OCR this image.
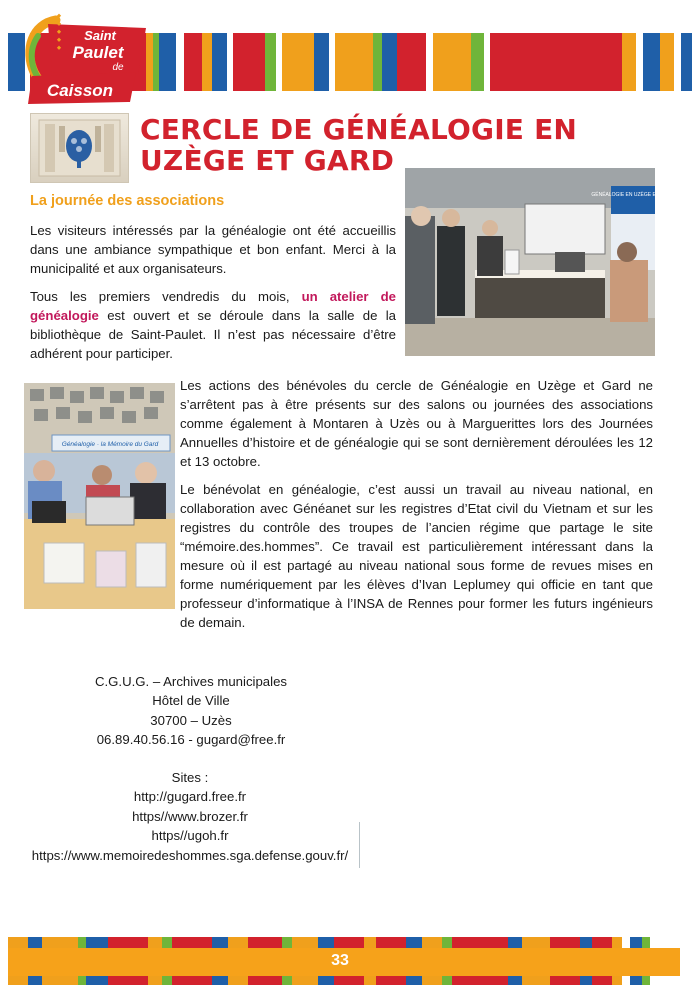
Saint
Paulet
de
Caisson
CERCLE DE GÉNÉALOGIE EN
UZÈGE ET GARD
La journée des associations	GÉNÉALOGIE EN UZÈGE ET GARD
Les visiteurs intéressés par la généalogie ont été accueillis dans une ambiance sympathique et bon enfant. Merci à la municipalité et aux organisateurs.
Tous les premiers vendredis du mois, un atelier de généalogie est ouvert et se déroule dans la salle de la bibliothèque de Saint-Paulet. Il n’est pas nécessaire d’être adhérent pour participer.
Généalogie · la Mémoire du Gard
Les actions des bénévoles du cercle de Généalogie en Uzège et Gard ne s’arrêtent pas à être présents sur des salons ou journées des associations comme également à Montaren à Uzès ou à Marguerittes lors des Journées Annuelles d’histoire et de généalogie qui se sont dernièrement déroulées les 12 et 13 octobre.
Le bénévolat en généalogie, c’est aussi un travail au niveau national, en collaboration avec Généanet sur les registres d’Etat civil du Vietnam et sur les registres du contrôle des troupes de l’ancien régime que partage le site “mémoire.des.hommes”. Ce travail est particulièrement intéressant dans la mesure où il est partagé au niveau national sous forme de revues mises en forme numériquement par les élèves d’Ivan Leplumey qui officie en tant que professeur d’informatique à l’INSA de Rennes pour former les futurs ingénieurs de demain.
C.G.U.G. – Archives municipales
Hôtel de Ville
30700 – Uzès
06.89.40.56.16 - gugard@free.fr
Sites :
http://gugard.free.fr
https//www.brozer.fr
https//ugoh.fr
https://www.memoiredeshommes.sga.defense.gouv.fr/
33
